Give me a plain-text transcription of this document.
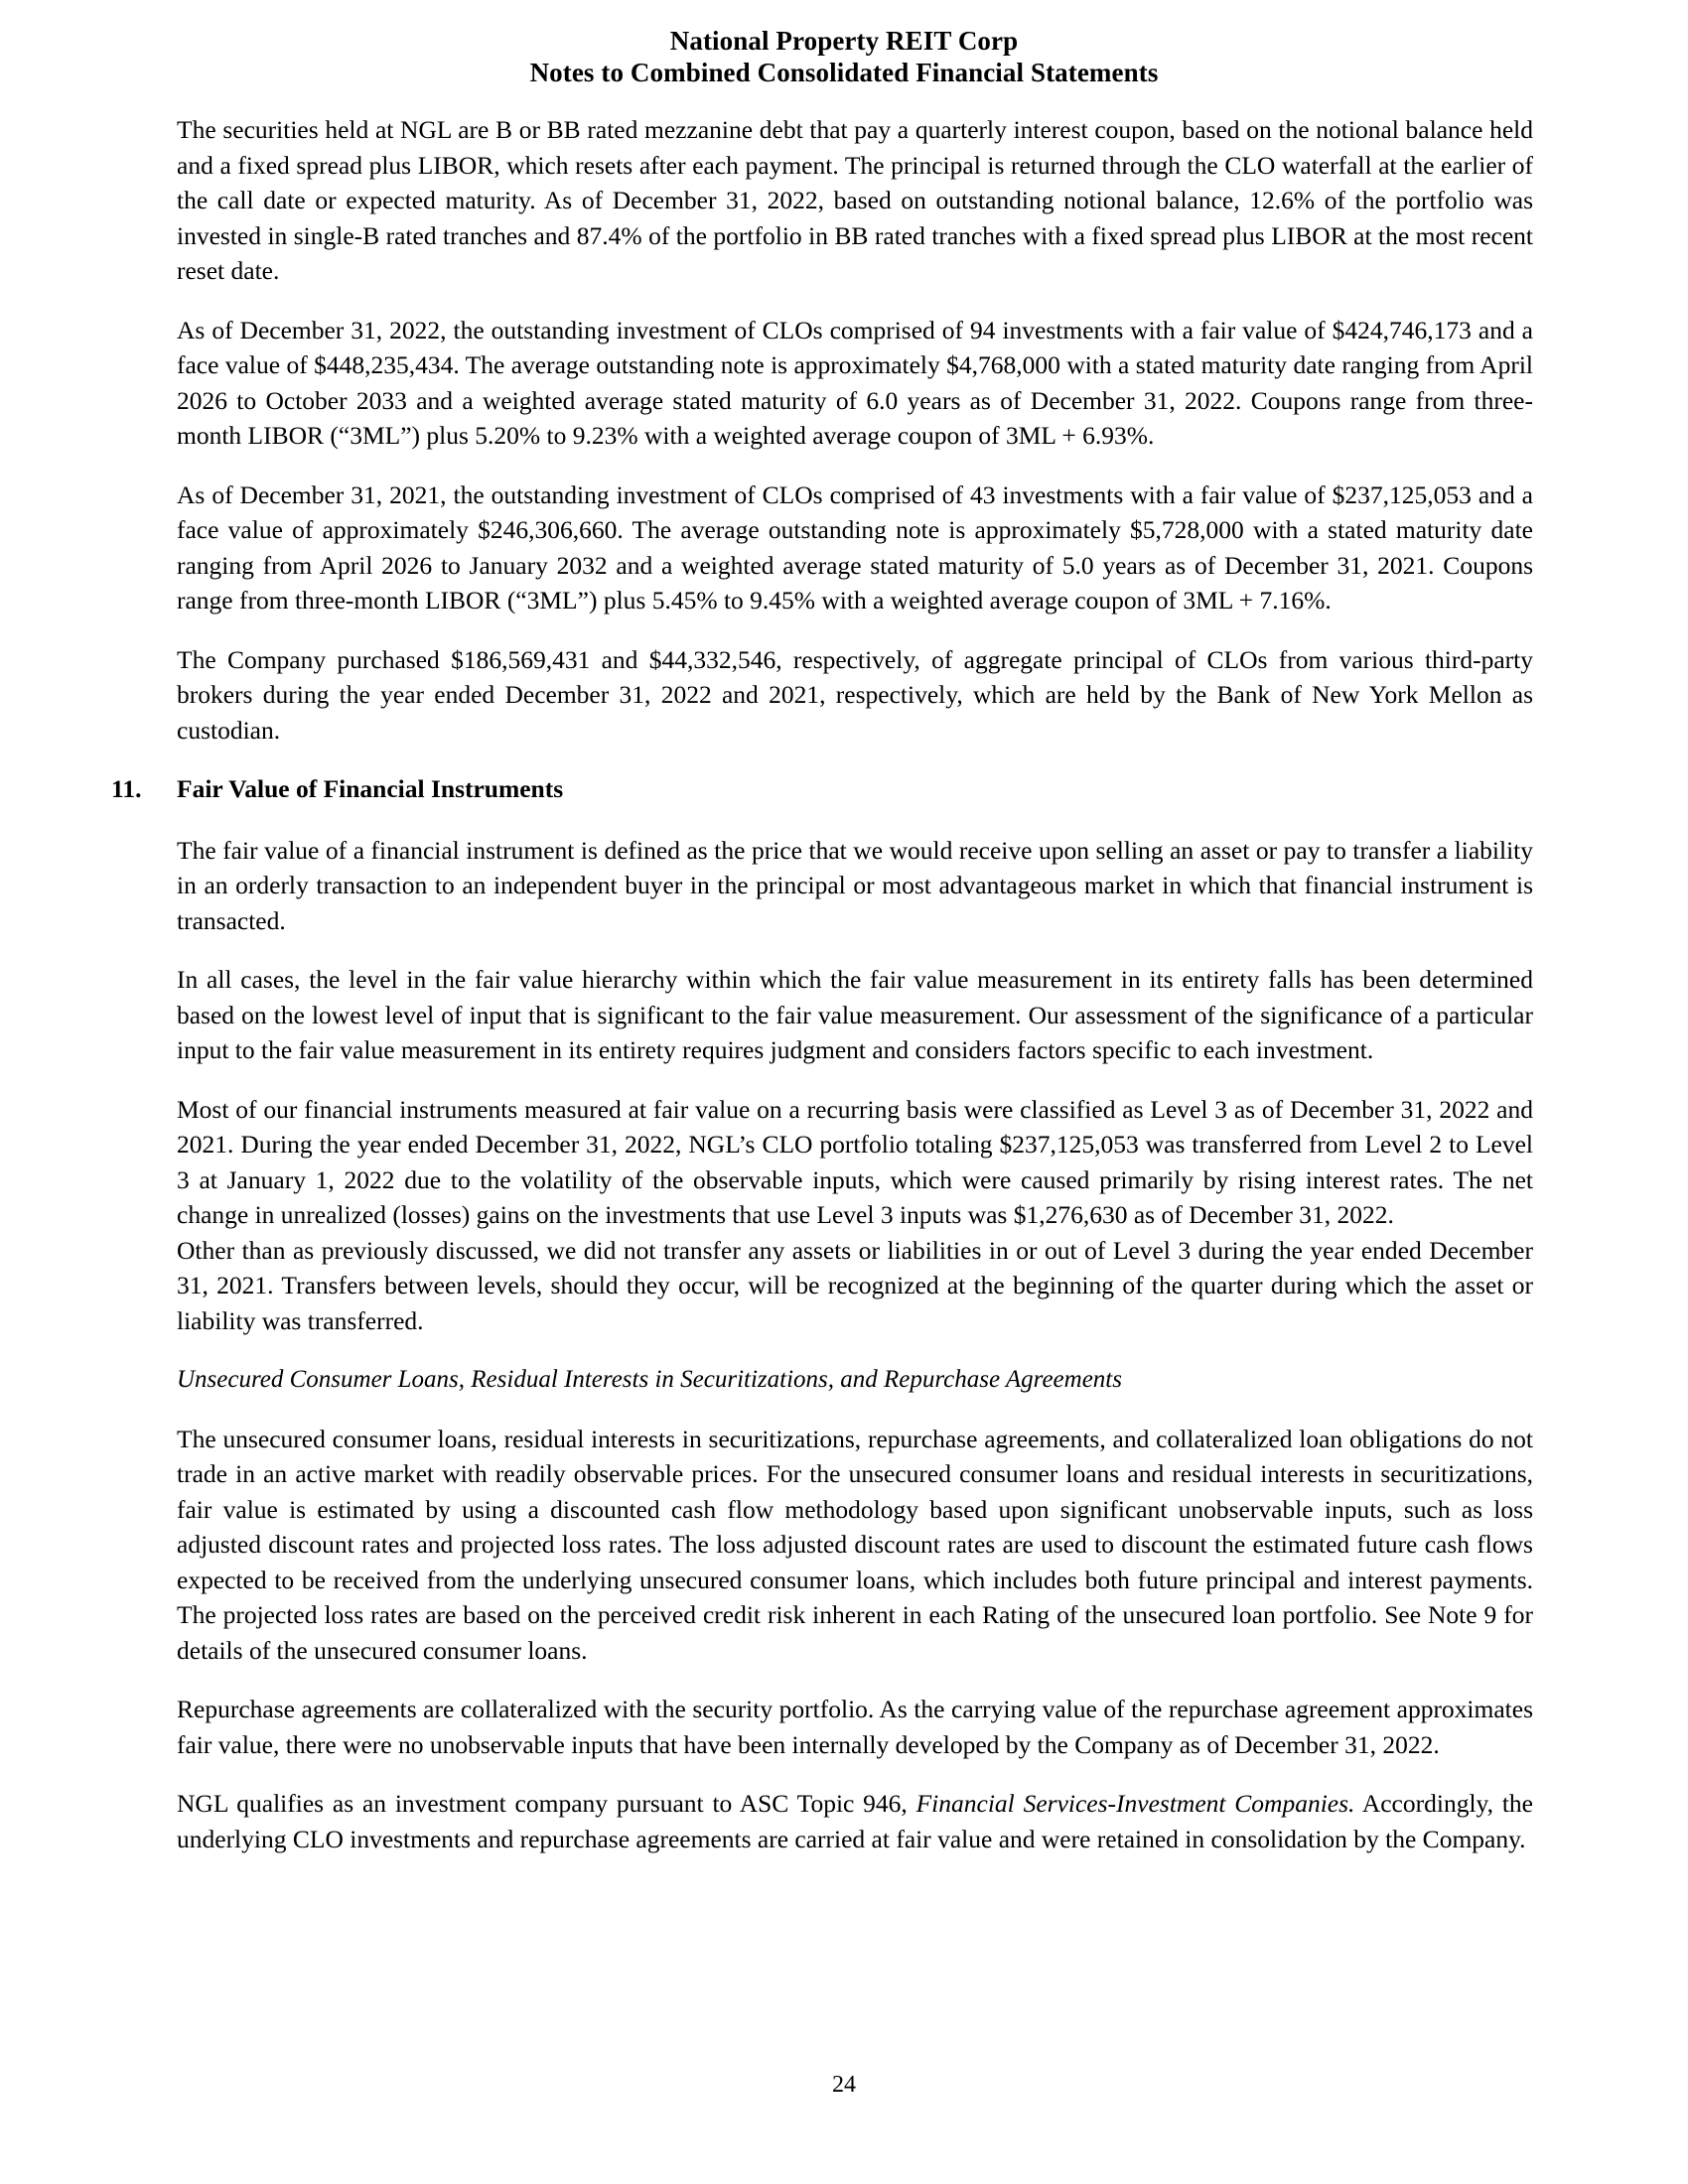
National Property REIT Corp
Notes to Combined Consolidated Financial Statements

The securities held at NGL are B or BB rated mezzanine debt that pay a quarterly interest coupon, based on the notional balance held and a fixed spread plus LIBOR, which resets after each payment. The principal is returned through the CLO waterfall at the earlier of the call date or expected maturity. As of December 31, 2022, based on outstanding notional balance, 12.6% of the portfolio was invested in single-B rated tranches and 87.4% of the portfolio in BB rated tranches with a fixed spread plus LIBOR at the most recent reset date.

As of December 31, 2022, the outstanding investment of CLOs comprised of 94 investments with a fair value of $424,746,173 and a face value of $448,235,434. The average outstanding note is approximately $4,768,000 with a stated maturity date ranging from April 2026 to October 2033 and a weighted average stated maturity of 6.0 years as of December 31, 2022. Coupons range from three-month LIBOR (“3ML”) plus 5.20% to 9.23% with a weighted average coupon of 3ML + 6.93%.

As of December 31, 2021, the outstanding investment of CLOs comprised of 43 investments with a fair value of $237,125,053 and a face value of approximately $246,306,660. The average outstanding note is approximately $5,728,000 with a stated maturity date ranging from April 2026 to January 2032 and a weighted average stated maturity of 5.0 years as of December 31, 2021. Coupons range from three-month LIBOR (“3ML”) plus 5.45% to 9.45% with a weighted average coupon of 3ML + 7.16%.

The Company purchased $186,569,431 and $44,332,546, respectively, of aggregate principal of CLOs from various third-party brokers during the year ended December 31, 2022 and 2021, respectively, which are held by the Bank of New York Mellon as custodian.

11. Fair Value of Financial Instruments

The fair value of a financial instrument is defined as the price that we would receive upon selling an asset or pay to transfer a liability in an orderly transaction to an independent buyer in the principal or most advantageous market in which that financial instrument is transacted.

In all cases, the level in the fair value hierarchy within which the fair value measurement in its entirety falls has been determined based on the lowest level of input that is significant to the fair value measurement. Our assessment of the significance of a particular input to the fair value measurement in its entirety requires judgment and considers factors specific to each investment.

Most of our financial instruments measured at fair value on a recurring basis were classified as Level 3 as of December 31, 2022 and 2021. During the year ended December 31, 2022, NGL’s CLO portfolio totaling $237,125,053 was transferred from Level 2 to Level 3 at January 1, 2022 due to the volatility of the observable inputs, which were caused primarily by rising interest rates. The net change in unrealized (losses) gains on the investments that use Level 3 inputs was $1,276,630 as of December 31, 2022.

Other than as previously discussed, we did not transfer any assets or liabilities in or out of Level 3 during the year ended December 31, 2021. Transfers between levels, should they occur, will be recognized at the beginning of the quarter during which the asset or liability was transferred.

Unsecured Consumer Loans, Residual Interests in Securitizations, and Repurchase Agreements

The unsecured consumer loans, residual interests in securitizations, repurchase agreements, and collateralized loan obligations do not trade in an active market with readily observable prices. For the unsecured consumer loans and residual interests in securitizations, fair value is estimated by using a discounted cash flow methodology based upon significant unobservable inputs, such as loss adjusted discount rates and projected loss rates. The loss adjusted discount rates are used to discount the estimated future cash flows expected to be received from the underlying unsecured consumer loans, which includes both future principal and interest payments. The projected loss rates are based on the perceived credit risk inherent in each Rating of the unsecured loan portfolio. See Note 9 for details of the unsecured consumer loans.

Repurchase agreements are collateralized with the security portfolio. As the carrying value of the repurchase agreement approximates fair value, there were no unobservable inputs that have been internally developed by the Company as of December 31, 2022.

NGL qualifies as an investment company pursuant to ASC Topic 946, Financial Services-Investment Companies. Accordingly, the underlying CLO investments and repurchase agreements are carried at fair value and were retained in consolidation by the Company.

24
